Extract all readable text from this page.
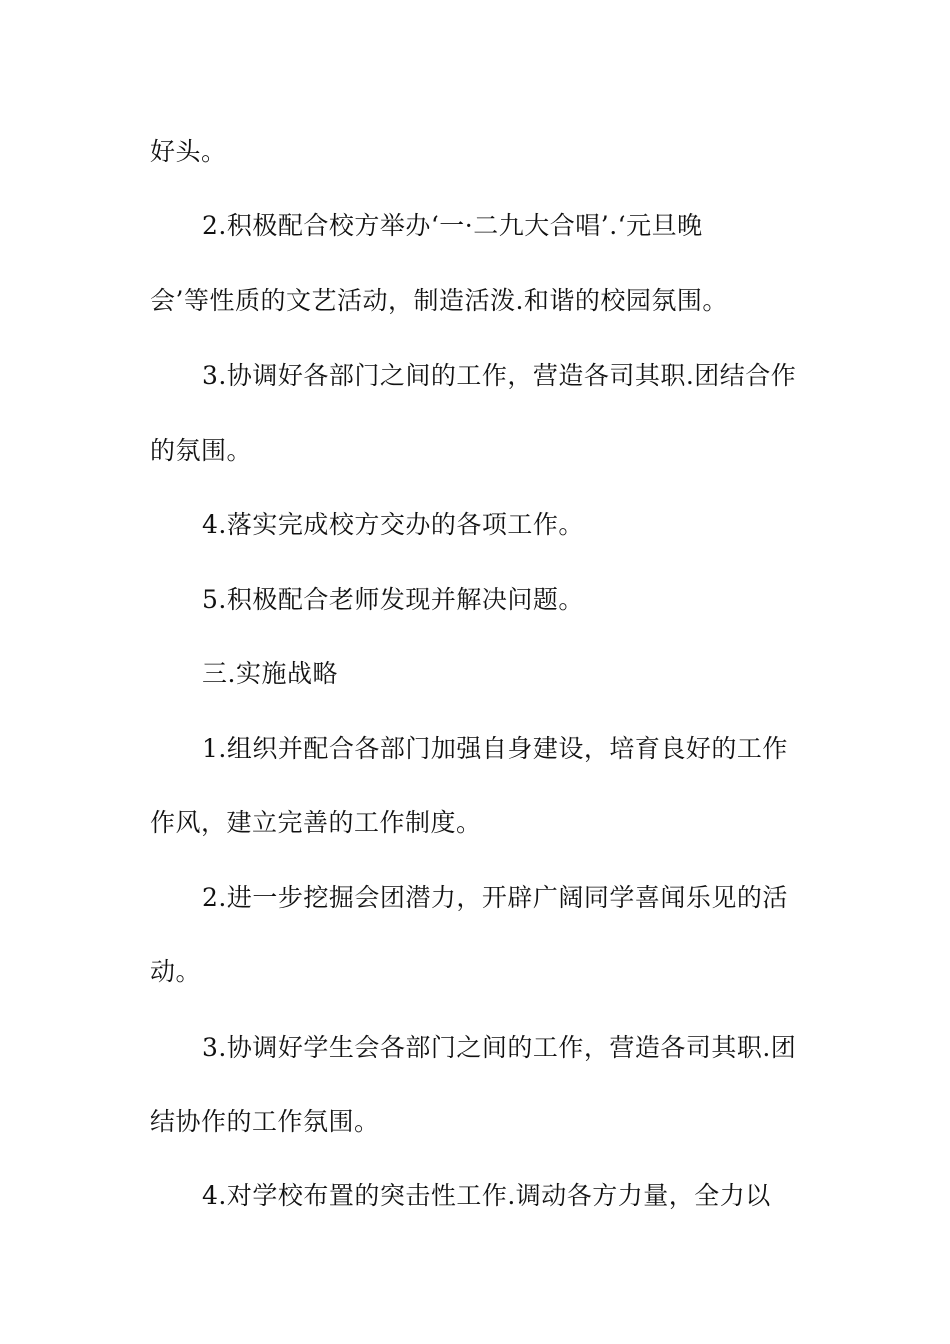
好头。
2.积极配合校方举办‘一·二九大合唱’.‘元旦晚
会’等性质的文艺活动，制造活泼.和谐的校园氛围。
3.协调好各部门之间的工作，营造各司其职.团结合作
的氛围。
4.落实完成校方交办的各项工作。
5.积极配合老师发现并解决问题。
三.实施战略
1.组织并配合各部门加强自身建设，培育良好的工作
作风，建立完善的工作制度。
2.进一步挖掘会团潜力，开辟广阔同学喜闻乐见的活
动。
3.协调好学生会各部门之间的工作，营造各司其职.团
结协作的工作氛围。
4.对学校布置的突击性工作.调动各方力量，全力以
